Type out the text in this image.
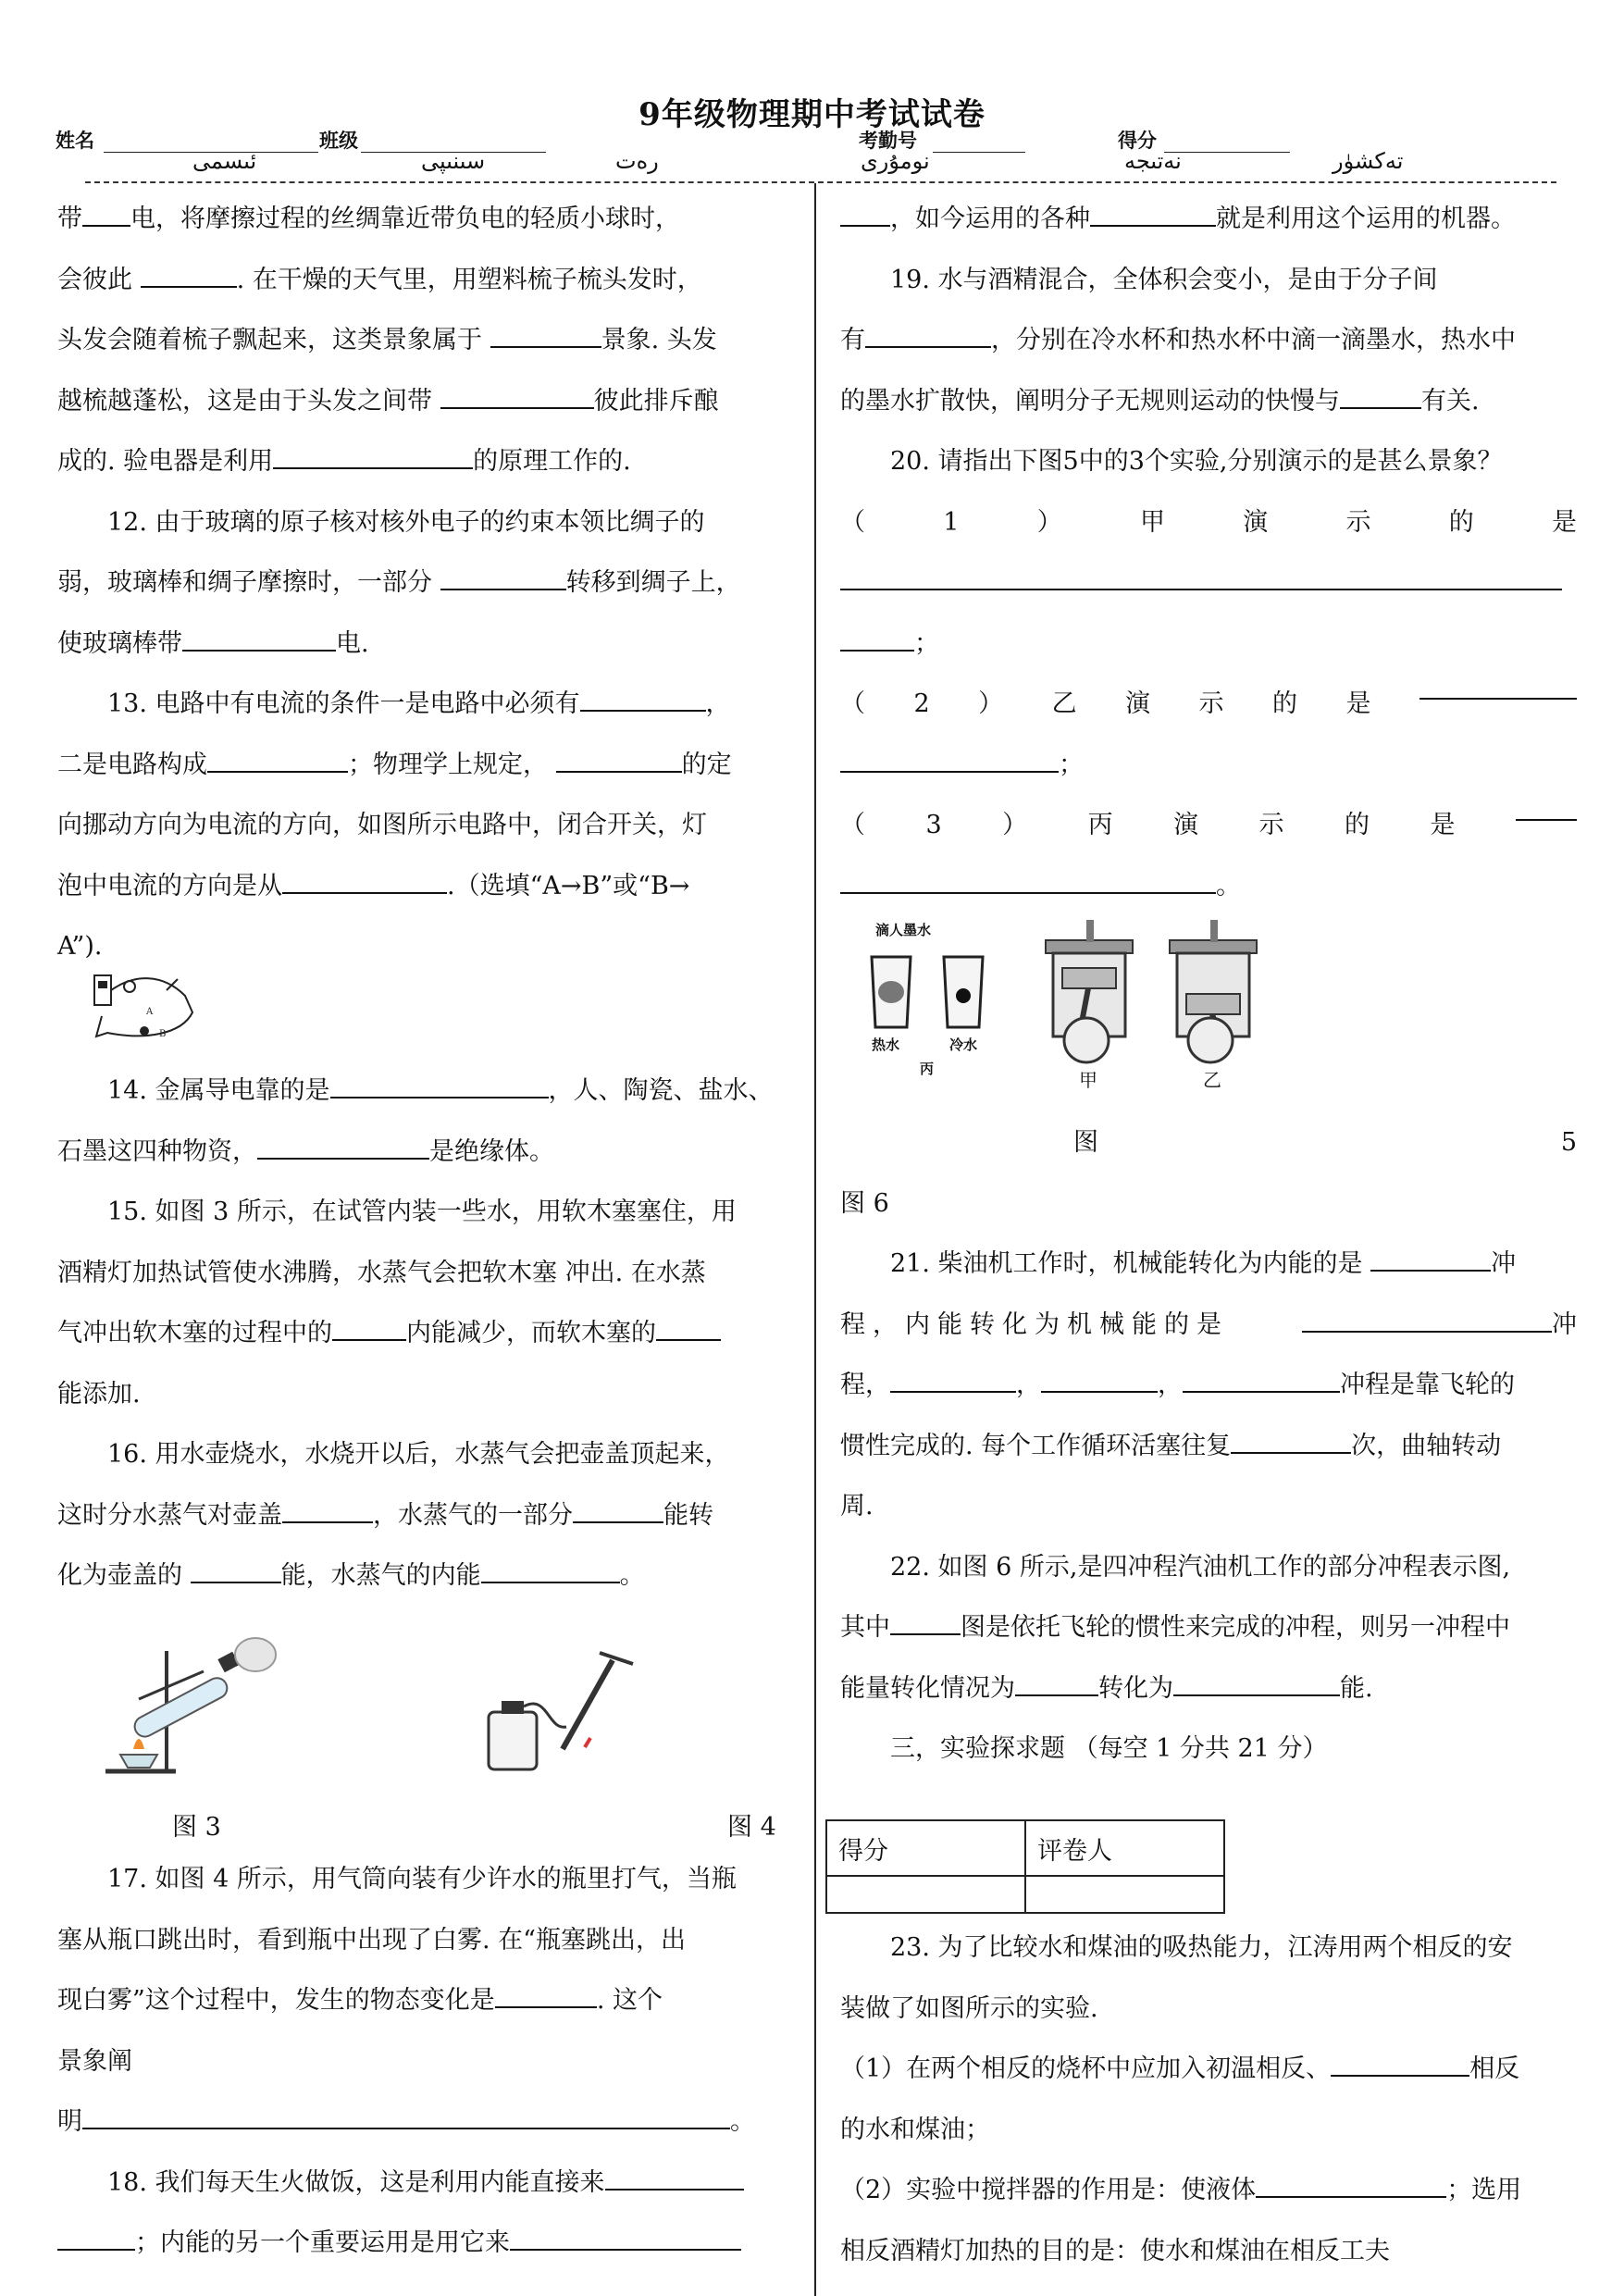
9年级物理期中考试试卷
姓名	班级	考勤号	得分
ئىسمى	سىنىپى	رەت	نومۇرى	نەتىجە	تەكشۈر

带 电，将摩擦过程的丝绸靠近带负电的轻质小球时，

会彼此	. 在干燥的天气里，用塑料梳子梳头发时，

头发会随着梳子飘起来，这类景象属于	景象. 头发

越梳越蓬松，这是由于头发之间带	彼此排斥酿

成的. 验电器是利用	的原理工作的.

12. 由于玻璃的原子核对核外电子的约束本领比绸子的

弱，玻璃棒和绸子摩擦时，一部分	转移到绸子上，

使玻璃棒带	电.

13. 电路中有电流的条件一是电路中必须有	，

二是电路构成	；物理学上规定，	的定

向挪动方向为电流的方向，如图所示电路中，闭合开关，灯

泡中电流的方向是从	.（选填“A→B”或“B→

A”).

A
B

14. 金属导电靠的是	，人、陶瓷、盐水、

石墨这四种物资，	是绝缘体。

15. 如图 3 所示，在试管内装一些水，用软木塞塞住，用

酒精灯加热试管使水沸腾，水蒸气会把软木塞 冲出. 在水蒸

气冲出软木塞的过程中的	内能减少，而软木塞的

能添加.

16. 用水壶烧水，水烧开以后，水蒸气会把壶盖顶起来，

这时分水蒸气对壶盖	，水蒸气的一部分	能转

化为壶盖的	能，水蒸气的内能	。

图 3	图 4

17. 如图 4 所示，用气筒向装有少许水的瓶里打气，当瓶

塞从瓶口跳出时，看到瓶中出现了白雾. 在“瓶塞跳出，出

现白雾”这个过程中，发生的物态变化是	. 这个

景象阐

明	。

18. 我们每天生火做饭，这是利用内能直接来

；内能的另一个重要运用是用它来

，如今运用的各种	就是利用这个运用的机器。

19. 水与酒精混合，全体积会变小，是由于分子间

有	，分别在冷水杯和热水杯中滴一滴墨水，热水中

的墨水扩散快，阐明分子无规则运动的快慢与	有关.

20. 请指出下图5中的3个实验,分别演示的是甚么景象？

（	1	）	甲	演	示	的	是

；

（ 2 ） 乙 演 示 的 是

；

（ 3 ） 丙 演 示 的 是

。

滴人墨水
热水	冷水
丙	甲	乙

图	5

图 6

21. 柴油机工作时，机械能转化为内能的是	冲

程，内能转化为机械能的是	冲

程，	，	，	冲程是靠飞轮的

惯性完成的. 每个工作循环活塞往复	次，曲轴转动

周.

22. 如图 6 所示,是四冲程汽油机工作的部分冲程表示图,

其中	图是依托飞轮的惯性来完成的冲程，则另一冲程中

能量转化情况为	转化为	能.

三，实验探求题 （每空 1 分共 21 分）

得分	评卷人

23. 为了比较水和煤油的吸热能力，江涛用两个相反的安

装做了如图所示的实验.

（1）在两个相反的烧杯中应加入初温相反、	相反

的水和煤油；

（2）实验中搅拌器的作用是：使液体	；选用

相反酒精灯加热的目的是：使水和煤油在相反工夫
